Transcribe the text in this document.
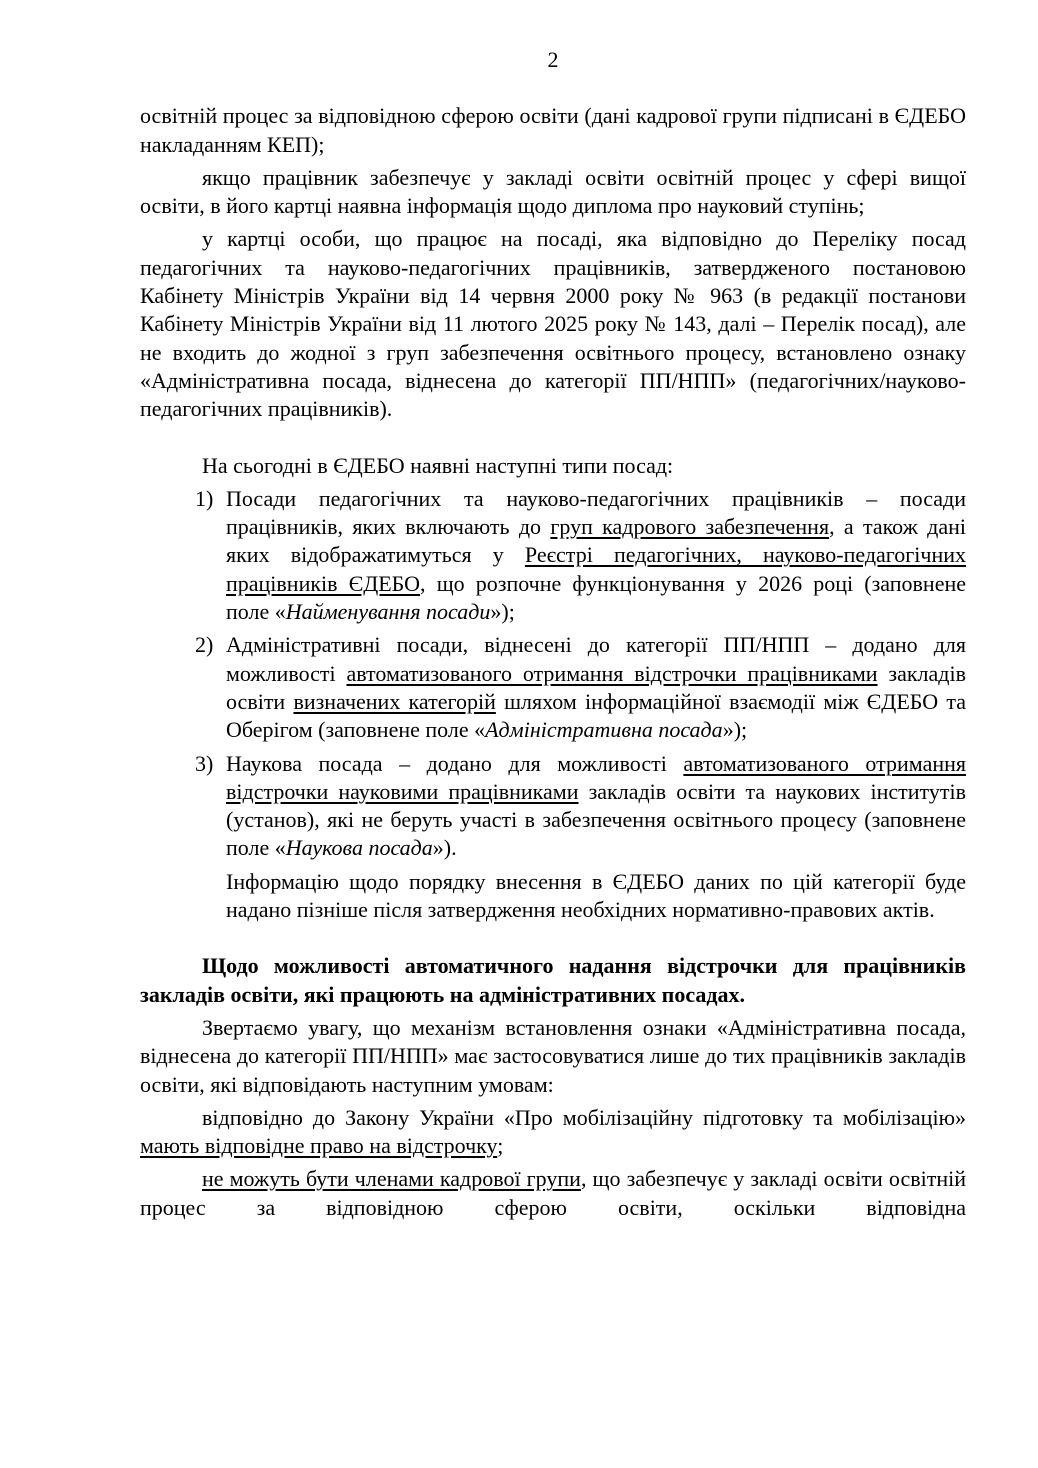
2
освітній процес за відповідною сферою освіти (дані кадрової групи підписані в ЄДЕБО накладанням КЕП);
якщо працівник забезпечує у закладі освіти освітній процес у сфері вищої освіти, в його картці наявна інформація щодо диплома про науковий ступінь;
у картці особи, що працює на посаді, яка відповідно до Переліку посад педагогічних та науково-педагогічних працівників, затвердженого постановою Кабінету Міністрів України від 14 червня 2000 року № 963 (в редакції постанови Кабінету Міністрів України від 11 лютого 2025 року № 143, далі – Перелік посад), але не входить до жодної з груп забезпечення освітнього процесу, встановлено ознаку «Адміністративна посада, віднесена до категорії ПП/НПП» (педагогічних/науково-педагогічних працівників).
На сьогодні в ЄДЕБО наявні наступні типи посад:
1) Посади педагогічних та науково-педагогічних працівників – посади працівників, яких включають до груп кадрового забезпечення, а також дані яких відображатимуться у Реєстрі педагогічних, науково-педагогічних працівників ЄДЕБО, що розпочне функціонування у 2026 році (заповнене поле «Найменування посади»);
2) Адміністративні посади, віднесені до категорії ПП/НПП – додано для можливості автоматизованого отримання відстрочки працівниками закладів освіти визначених категорій шляхом інформаційної взаємодії між ЄДЕБО та Оберігом (заповнене поле «Адміністративна посада»);
3) Наукова посада – додано для можливості автоматизованого отримання відстрочки науковими працівниками закладів освіти та наукових інститутів (установ), які не беруть участі в забезпечення освітнього процесу (заповнене поле «Наукова посада»).
Інформацію щодо порядку внесення в ЄДЕБО даних по цій категорії буде надано пізніше після затвердження необхідних нормативно-правових актів.
Щодо можливості автоматичного надання відстрочки для працівників закладів освіти, які працюють на адміністративних посадах.
Звертаємо увагу, що механізм встановлення ознаки «Адміністративна посада, віднесена до категорії ПП/НПП» має застосовуватися лише до тих працівників закладів освіти, які відповідають наступним умовам:
відповідно до Закону України «Про мобілізаційну підготовку та мобілізацію» мають відповідне право на відстрочку;
не можуть бути членами кадрової групи, що забезпечує у закладі освіти освітній процес за відповідною сферою освіти, оскільки відповідна
